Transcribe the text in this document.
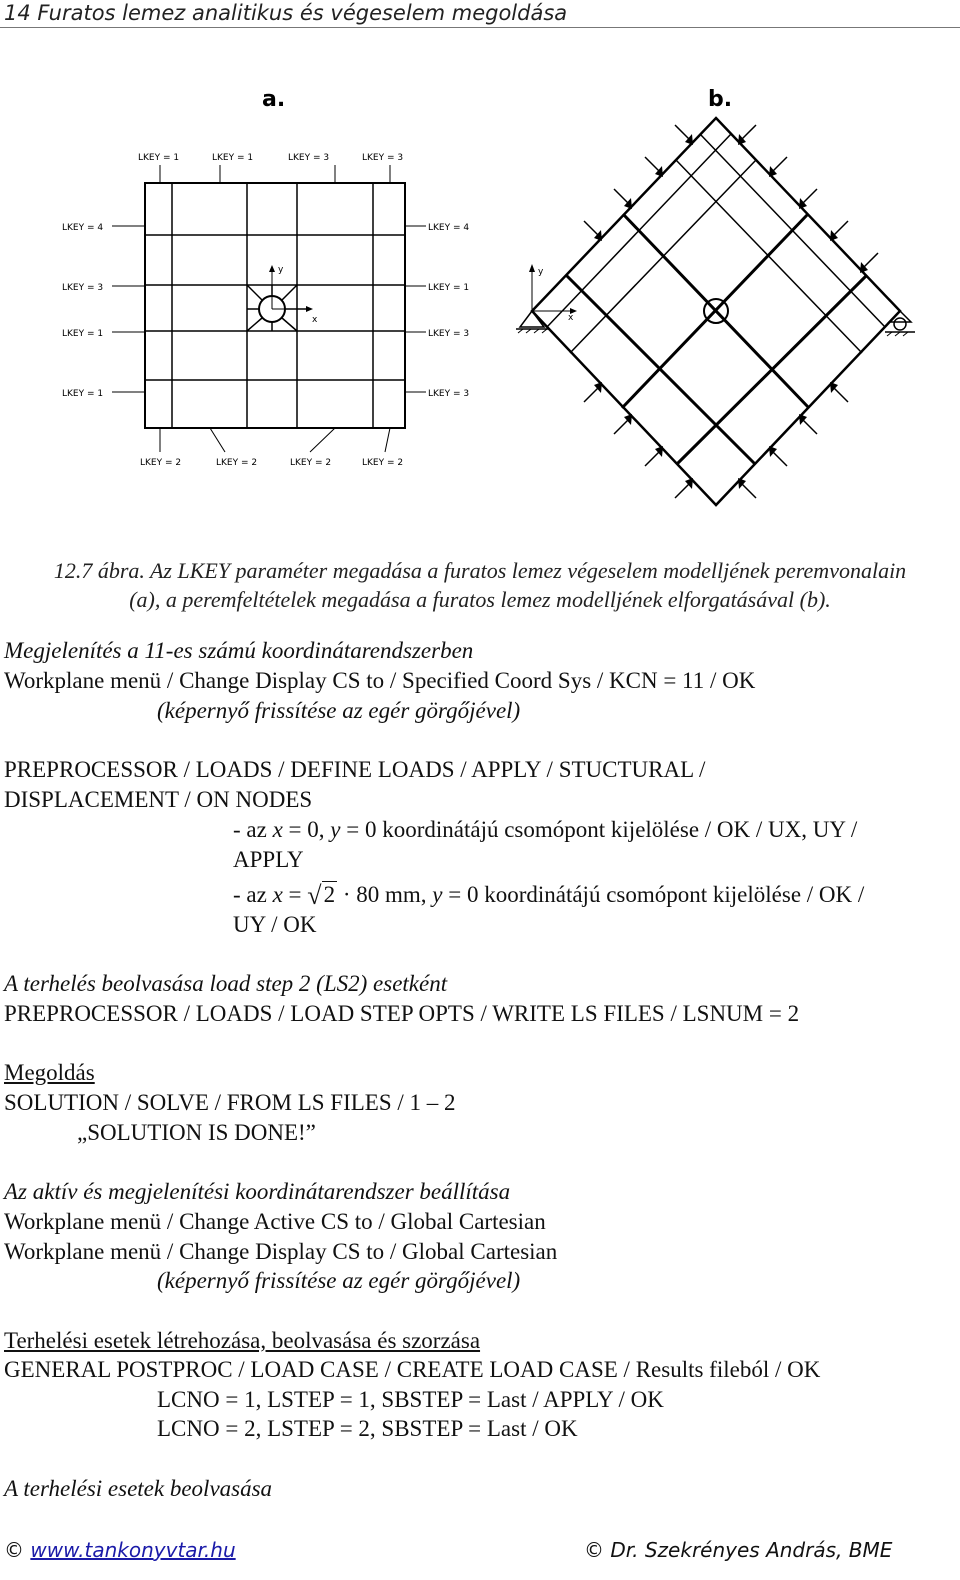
14 Furatos lemez analitikus és végeselem megoldása
a.
y
x
LKEY = 1	LKEY = 1	LKEY = 3	LKEY = 3
LKEY = 2	LKEY = 2	LKEY = 2	LKEY = 2
LKEY = 4
LKEY = 3
LKEY = 1
LKEY = 1
LKEY = 4
LKEY = 1
LKEY = 3
LKEY = 3
b.
y
x
12.7 ábra. Az LKEY paraméter megadása a furatos lemez végeselem modelljének peremvonalain
(a), a peremfeltételek megadása a furatos lemez modelljének elforgatásával (b).
Megjelenítés a 11-es számú koordinátarendszerben
Workplane menü / Change Display CS to / Specified Coord Sys / KCN = 11 / OK
(képernyő frissítése az egér görgőjével)
PREPROCESSOR / LOADS / DEFINE LOADS / APPLY / STUCTURAL /
DISPLACEMENT / ON NODES
- az x = 0, y = 0 koordinátájú csomópont kijelölése / OK / UX, UY /
APPLY
- az x = √2 · 80 mm, y = 0 koordinátájú csomópont kijelölése / OK /
UY / OK
A terhelés beolvasása load step 2 (LS2) esetként
PREPROCESSOR / LOADS / LOAD STEP OPTS / WRITE LS FILES / LSNUM = 2
Megoldás
SOLUTION / SOLVE / FROM LS FILES / 1 – 2
„SOLUTION IS DONE!”
Az aktív és megjelenítési koordinátarendszer beállítása
Workplane menü / Change Active CS to / Global Cartesian
Workplane menü / Change Display CS to / Global Cartesian
(képernyő frissítése az egér görgőjével)
Terhelési esetek létrehozása, beolvasása és szorzása
GENERAL POSTPROC / LOAD CASE / CREATE LOAD CASE / Results fileból / OK
LCNO = 1, LSTEP = 1, SBSTEP = Last / APPLY / OK
LCNO = 2, LSTEP = 2, SBSTEP = Last / OK
A terhelési esetek beolvasása
© www.tankonyvtar.hu	© Dr. Szekrényes András, BME
